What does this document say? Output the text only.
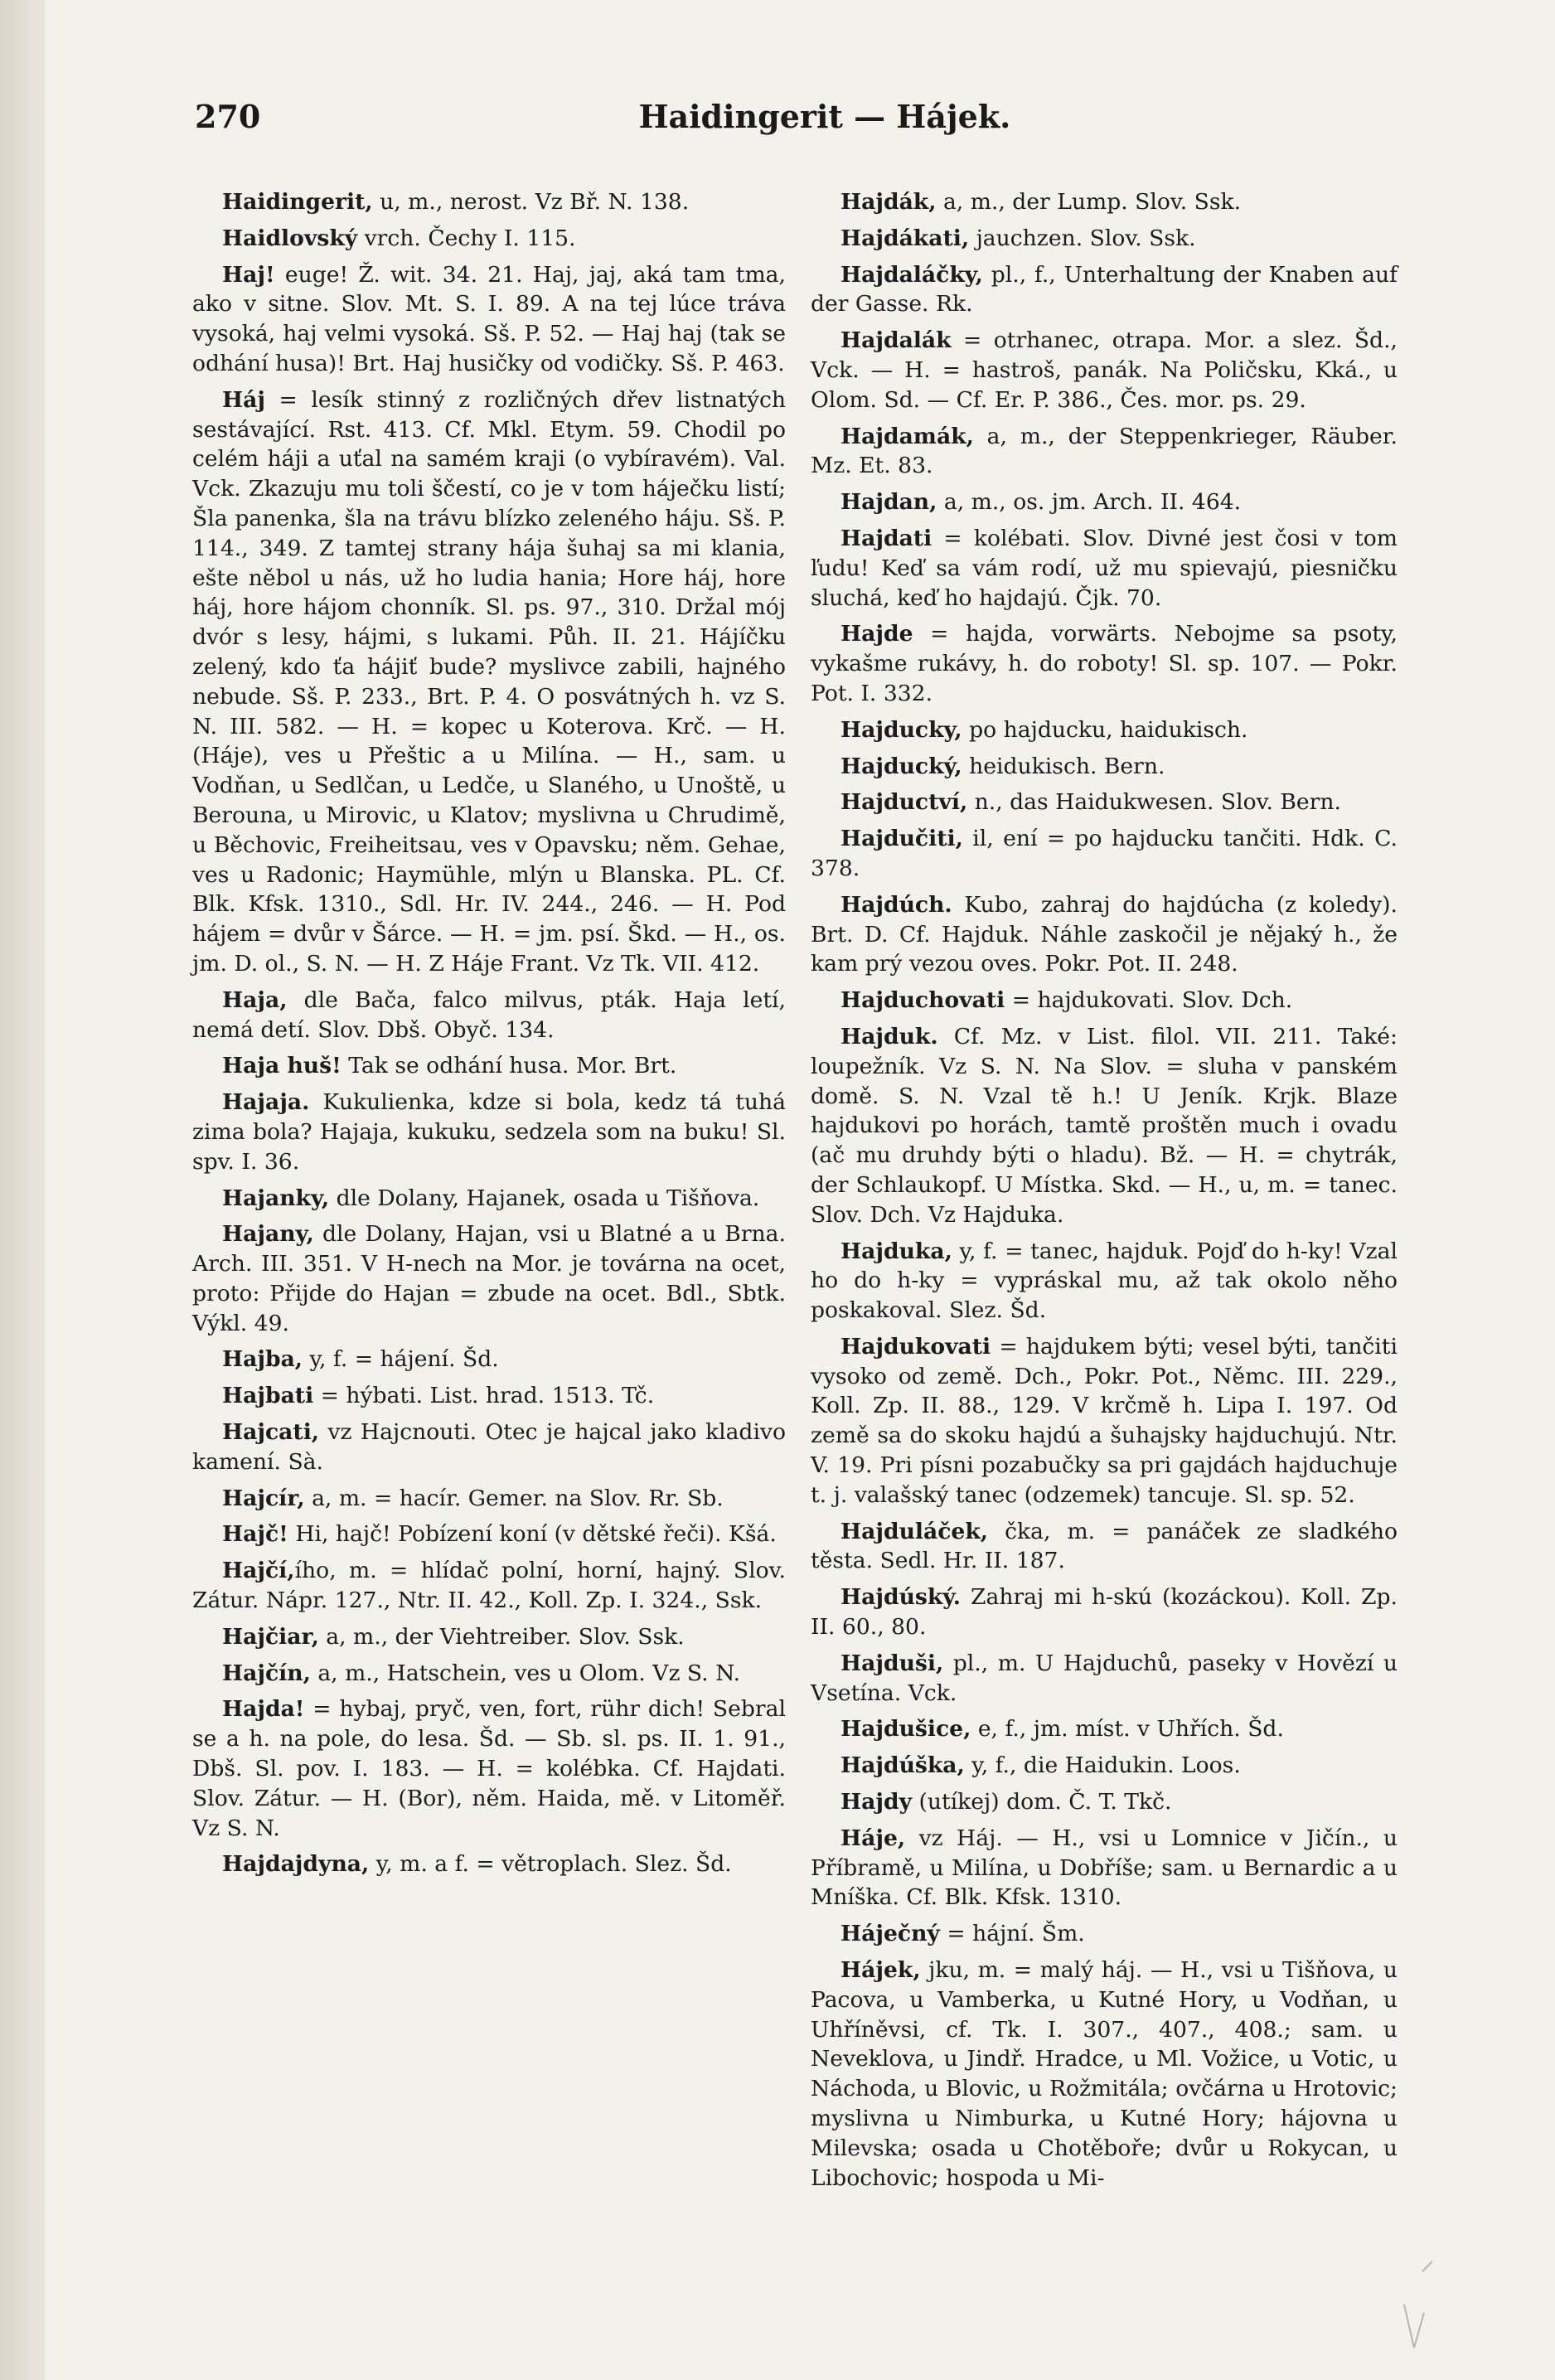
270	Haidingerit — Hájek.

Haidingerit, u, m., nerost. Vz Bř. N. 138.

Haidlovský vrch. Čechy I. 115.

Haj! euge! Ž. wit. 34. 21. Haj, jaj, aká tam tma, ako v sitne. Slov. Mt. S. I. 89. A na tej lúce tráva vysoká, haj velmi vysoká. Sš. P. 52. — Haj haj (tak se odhání husa)! Brt. Haj husičky od vodičky. Sš. P. 463.

Háj = lesík stinný z rozličných dřev listnatých sestávající. Rst. 413. Cf. Mkl. Etym. 59. Chodil po celém háji a uťal na samém kraji (o vybíravém). Val. Vck. Zkazuju mu toli ščestí, co je v tom háječku listí; Šla panenka, šla na trávu blízko zeleného háju. Sš. P. 114., 349. Z tamtej strany hája šuhaj sa mi klania, ešte něbol u nás, už ho ludia hania; Hore háj, hore háj, hore hájom chonník. Sl. ps. 97., 310. Držal mój dvór s lesy, hájmi, s lukami. Půh. II. 21. Hájíčku zelený, kdo ťa hájiť bude? myslivce zabili, hajného nebude. Sš. P. 233., Brt. P. 4. O posvátných h. vz S. N. III. 582. — H. = kopec u Koterova. Krč. — H. (Háje), ves u Přeštic a u Milína. — H., sam. u Vodňan, u Sedlčan, u Ledče, u Slaného, u Unoště, u Berouna, u Mirovic, u Klatov; myslivna u Chrudimě, u Běchovic, Freiheitsau, ves v Opavsku; něm. Gehae, ves u Radonic; Haymühle, mlýn u Blanska. PL. Cf. Blk. Kfsk. 1310., Sdl. Hr. IV. 244., 246. — H. Pod hájem = dvůr v Šárce. — H. = jm. psí. Škd. — H., os. jm. D. ol., S. N. — H. Z Háje Frant. Vz Tk. VII. 412.

Haja, dle Bača, falco milvus, pták. Haja letí, nemá detí. Slov. Dbš. Obyč. 134.

Haja huš! Tak se odhání husa. Mor. Brt.

Hajaja. Kukulienka, kdze si bola, kedz tá tuhá zima bola? Hajaja, kukuku, sedzela som na buku! Sl. spv. I. 36.

Hajanky, dle Dolany, Hajanek, osada u Tišňova.

Hajany, dle Dolany, Hajan, vsi u Blatné a u Brna. Arch. III. 351. V H-nech na Mor. je továrna na ocet, proto: Přijde do Hajan = zbude na ocet. Bdl., Sbtk. Výkl. 49.

Hajba, y, f. = hájení. Šd.

Hajbati = hýbati. List. hrad. 1513. Tč.

Hajcati, vz Hajcnouti. Otec je hajcal jako kladivo kamení. Sà.

Hajcír, a, m. = hacír. Gemer. na Slov. Rr. Sb.

Hajč! Hi, hajč! Pobízení koní (v dětské řeči). Kšá.

Hajčí,ího, m. = hlídač polní, horní, hajný. Slov. Zátur. Nápr. 127., Ntr. II. 42., Koll. Zp. I. 324., Ssk.

Hajčiar, a, m., der Viehtreiber. Slov. Ssk.

Hajčín, a, m., Hatschein, ves u Olom. Vz S. N.

Hajda! = hybaj, pryč, ven, fort, rühr dich! Sebral se a h. na pole, do lesa. Šd. — Sb. sl. ps. II. 1. 91., Dbš. Sl. pov. I. 183. — H. = kolébka. Cf. Hajdati. Slov. Zátur. — H. (Bor), něm. Haida, mě. v Litoměř. Vz S. N.

Hajdajdyna, y, m. a f. = větroplach. Slez. Šd.

Hajdák, a, m., der Lump. Slov. Ssk.

Hajdákati, jauchzen. Slov. Ssk.

Hajdaláčky, pl., f., Unterhaltung der Knaben auf der Gasse. Rk.

Hajdalák = otrhanec, otrapa. Mor. a slez. Šd., Vck. — H. = hastroš, panák. Na Poličsku, Kká., u Olom. Sd. — Cf. Er. P. 386., Čes. mor. ps. 29.

Hajdamák, a, m., der Steppenkrieger, Räuber. Mz. Et. 83.

Hajdan, a, m., os. jm. Arch. II. 464.

Hajdati = kolébati. Slov. Divné jest čosi v tom ľudu! Keď sa vám rodí, už mu spievajú, piesničku sluchá, keď ho hajdajú. Čjk. 70.

Hajde = hajda, vorwärts. Nebojme sa psoty, vykašme rukávy, h. do roboty! Sl. sp. 107. — Pokr. Pot. I. 332.

Hajducky, po hajducku, haidukisch.

Hajducký, heidukisch. Bern.

Hajductví, n., das Haidukwesen. Slov. Bern.

Hajdučiti, il, ení = po hajducku tančiti. Hdk. C. 378.

Hajdúch. Kubo, zahraj do hajdúcha (z koledy). Brt. D. Cf. Hajduk. Náhle zaskočil je nějaký h., že kam prý vezou oves. Pokr. Pot. II. 248.

Hajduchovati = hajdukovati. Slov. Dch.

Hajduk. Cf. Mz. v List. filol. VII. 211. Také: loupežník. Vz S. N. Na Slov. = sluha v panském domě. S. N. Vzal tě h.! U Jeník. Krjk. Blaze hajdukovi po horách, tamtě proštěn much i ovadu (ač mu druhdy býti o hladu). Bž. — H. = chytrák, der Schlaukopf. U Místka. Skd. — H., u, m. = tanec. Slov. Dch. Vz Hajduka.

Hajduka, y, f. = tanec, hajduk. Pojď do h-ky! Vzal ho do h-ky = vypráskal mu, až tak okolo něho poskakoval. Slez. Šd.

Hajdukovati = hajdukem býti; vesel býti, tančiti vysoko od země. Dch., Pokr. Pot., Němc. III. 229., Koll. Zp. II. 88., 129. V krčmě h. Lipa I. 197. Od země sa do skoku hajdú a šuhajsky hajduchujú. Ntr. V. 19. Pri písni pozabučky sa pri gajdách hajduchuje t. j. valašský tanec (odzemek) tancuje. Sl. sp. 52.

Hajduláček, čka, m. = panáček ze sladkého těsta. Sedl. Hr. II. 187.

Hajdúský. Zahraj mi h-skú (kozáckou). Koll. Zp. II. 60., 80.

Hajduši, pl., m. U Hajduchů, paseky v Hovězí u Vsetína. Vck.

Hajdušice, e, f., jm. míst. v Uhřích. Šd.

Hajdúška, y, f., die Haidukin. Loos.

Hajdy (utíkej) dom. Č. T. Tkč.

Háje, vz Háj. — H., vsi u Lomnice v Jičín., u Příbramě, u Milína, u Dobříše; sam. u Bernardic a u Mníška. Cf. Blk. Kfsk. 1310.

Háječný = hájní. Šm.

Hájek, jku, m. = malý háj. — H., vsi u Tišňova, u Pacova, u Vamberka, u Kutné Hory, u Vodňan, u Uhříněvsi, cf. Tk. I. 307., 407., 408.; sam. u Neveklova, u Jindř. Hradce, u Ml. Vožice, u Votic, u Náchoda, u Blovic, u Rožmitála; ovčárna u Hrotovic; myslivna u Nimburka, u Kutné Hory; hájovna u Milevska; osada u Chotěboře; dvůr u Rokycan, u Libochovic; hospoda u Mi-
